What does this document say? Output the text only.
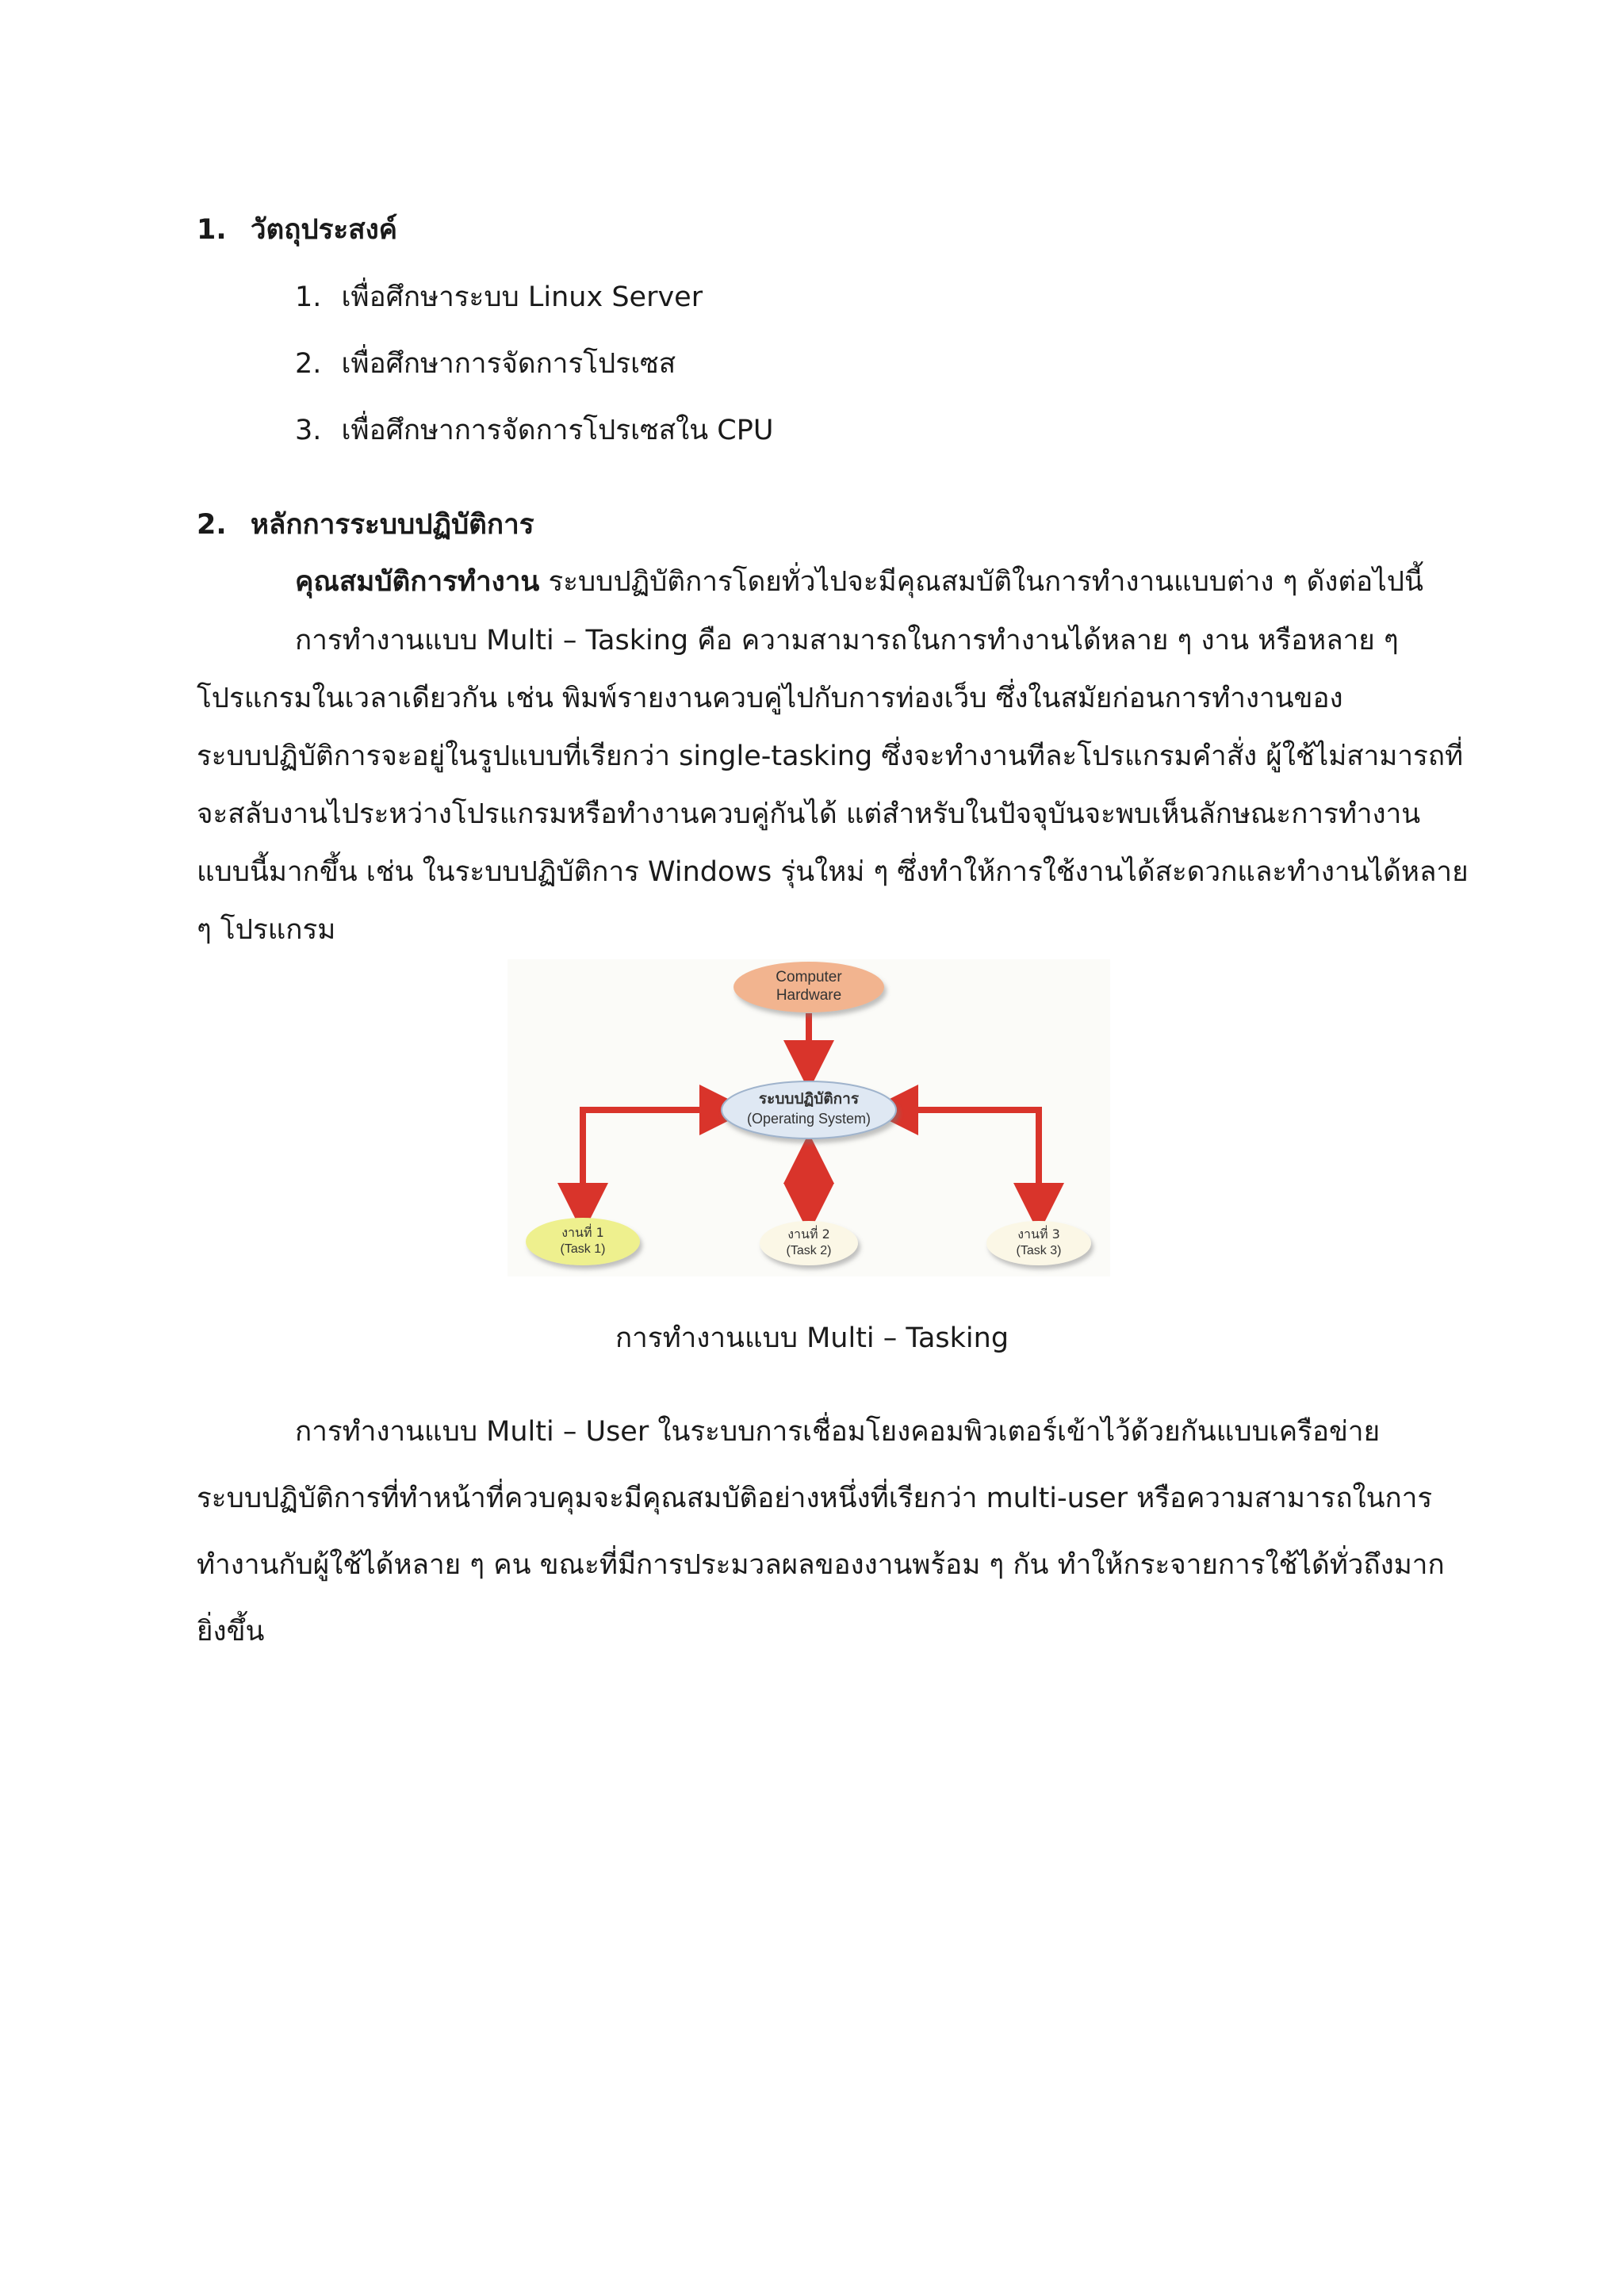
1. วัตถุประสงค์
1. เพื่อศึกษาระบบ Linux Server
2. เพื่อศึกษาการจัดการโปรเซส
3. เพื่อศึกษาการจัดการโปรเซสใน CPU
2. หลักการระบบปฏิบัติการ
คุณสมบัติการทำงาน ระบบปฏิบัติการโดยทั่วไปจะมีคุณสมบัติในการทำงานแบบต่าง ๆ ดังต่อไปนี้
การทำงานแบบ Multi – Tasking คือ ความสามารถในการทำงานได้หลาย ๆ งาน หรือหลาย ๆ
โปรแกรมในเวลาเดียวกัน เช่น พิมพ์รายงานควบคู่ไปกับการท่องเว็บ ซึ่งในสมัยก่อนการทำงานของ
ระบบปฏิบัติการจะอยู่ในรูปแบบที่เรียกว่า single-tasking ซึ่งจะทำงานทีละโปรแกรมคำสั่ง ผู้ใช้ไม่สามารถที่
จะสลับงานไประหว่างโปรแกรมหรือทำงานควบคู่กันได้ แต่สำหรับในปัจจุบันจะพบเห็นลักษณะการทำงาน
แบบนี้มากขึ้น เช่น ในระบบปฏิบัติการ Windows รุ่นใหม่ ๆ ซึ่งทำให้การใช้งานได้สะดวกและทำงานได้หลาย
ๆ โปรแกรม
Computer
Hardware
ระบบปฏิบัติการ
(Operating System)
งานที่ 1
(Task 1)
งานที่ 2
(Task 2)
งานที่ 3
(Task 3)
การทำงานแบบ Multi – Tasking
การทำงานแบบ Multi – User ในระบบการเชื่อมโยงคอมพิวเตอร์เข้าไว้ด้วยกันแบบเครือข่าย
ระบบปฏิบัติการที่ทำหน้าที่ควบคุมจะมีคุณสมบัติอย่างหนึ่งที่เรียกว่า multi-user หรือความสามารถในการ
ทำงานกับผู้ใช้ได้หลาย ๆ คน ขณะที่มีการประมวลผลของงานพร้อม ๆ กัน ทำให้กระจายการใช้ได้ทั่วถึงมาก
ยิ่งขึ้น
